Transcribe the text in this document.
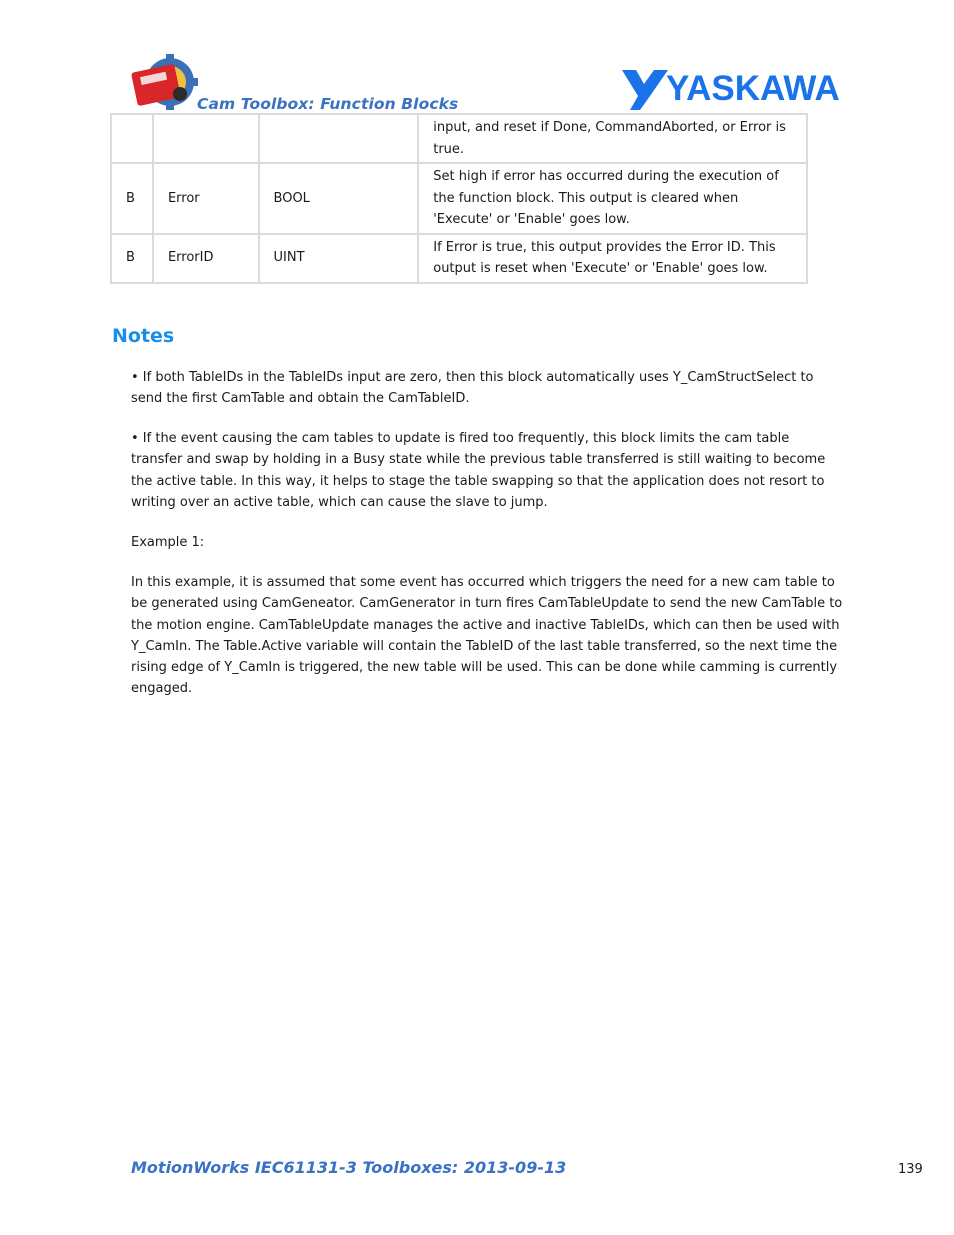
Cam Toolbox: Function Blocks	YASKAWA
			input, and reset if Done, CommandAborted, or Error is true.
B	Error	BOOL	Set high if error has occurred during the execution of the function block. This output is cleared when 'Execute' or 'Enable' goes low.
B	ErrorID	UINT	If Error is true, this output provides the Error ID. This output is reset when 'Execute' or 'Enable' goes low.
Notes

• If both TableIDs in the TableIDs input are zero, then this block automatically uses Y_CamStructSelect to send the first CamTable and obtain the CamTableID.

• If the event causing the cam tables to update is fired too frequently, this block limits the cam table transfer and swap by holding in a Busy state while the previous table transferred is still waiting to become the active table. In this way, it helps to stage the table swapping so that the application does not resort to writing over an active table, which can cause the slave to jump.

Example 1:

In this example, it is assumed that some event has occurred which triggers the need for a new cam table to be generated using CamGeneator. CamGenerator in turn fires CamTableUpdate to send the new CamTable to the motion engine. CamTableUpdate manages the active and inactive TableIDs, which can then be used with Y_CamIn. The Table.Active variable will contain the TableID of the last table transferred, so the next time the rising edge of Y_CamIn is triggered, the new table will be used. This can be done while camming is currently engaged.

MotionWorks IEC61131-3 Toolboxes: 2013-09-13	139
